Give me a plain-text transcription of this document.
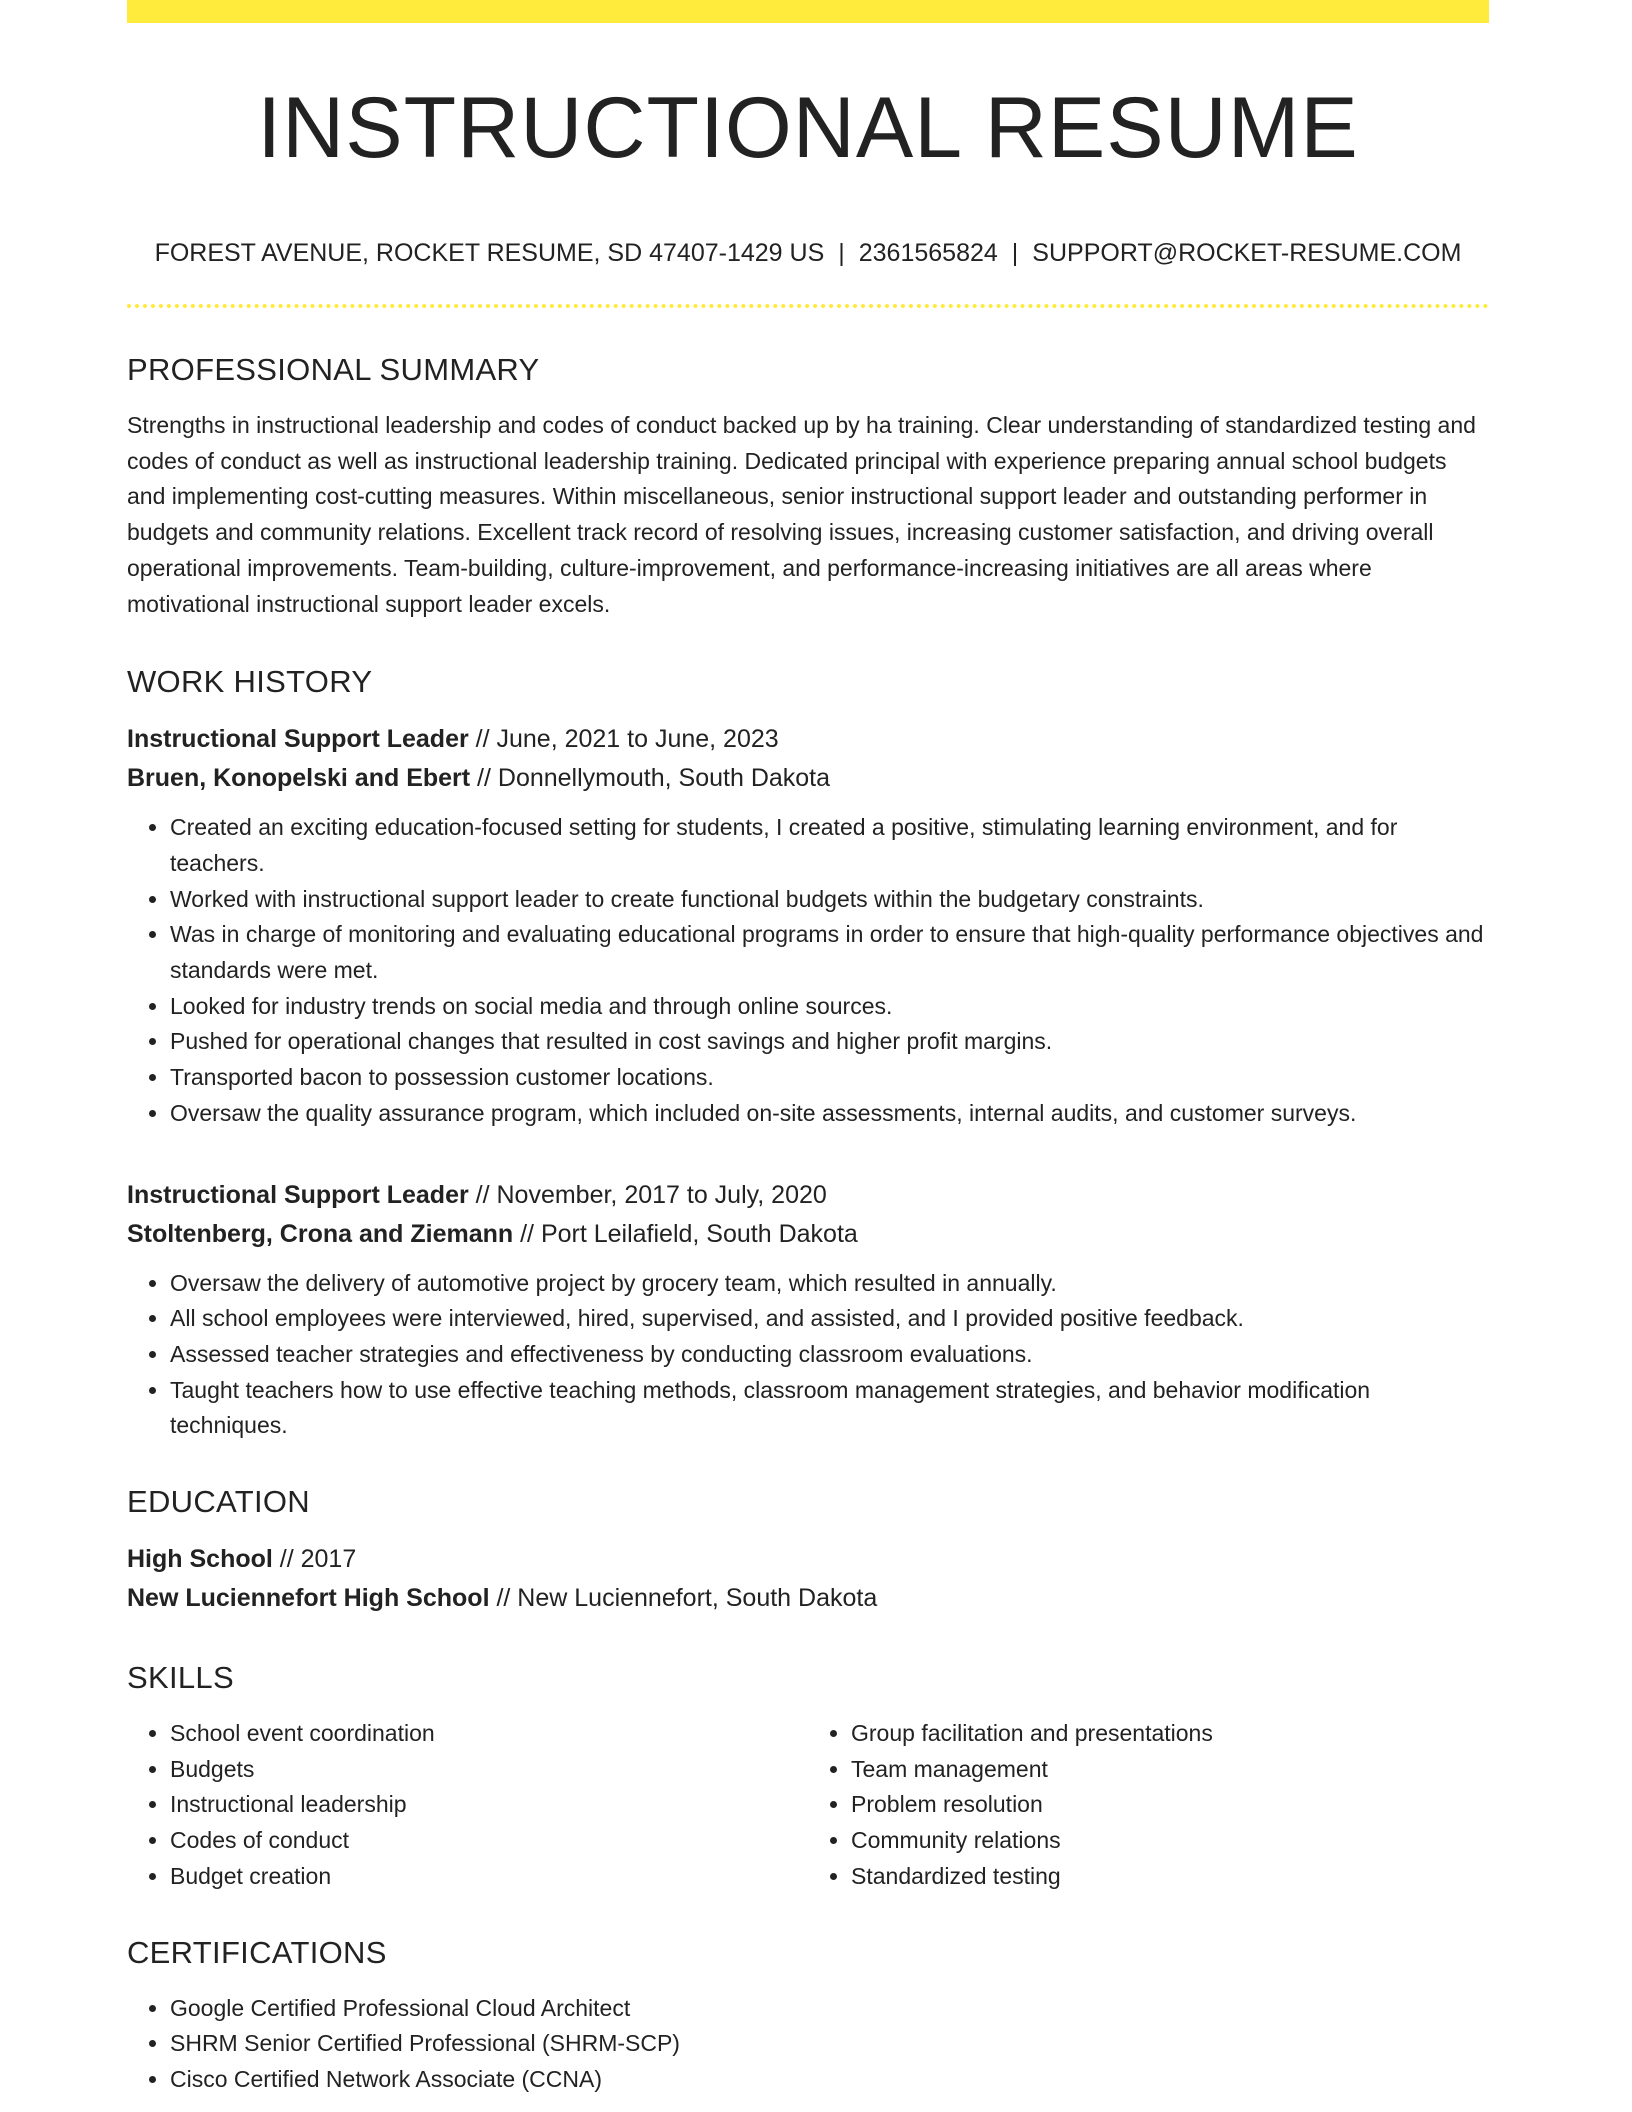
INSTRUCTIONAL RESUME
FOREST AVENUE, ROCKET RESUME, SD 47407-1429 US | 2361565824 | SUPPORT@ROCKET-RESUME.COM
PROFESSIONAL SUMMARY

Strengths in instructional leadership and codes of conduct backed up by ha training. Clear understanding of standardized testing and codes of conduct as well as instructional leadership training. Dedicated principal with experience preparing annual school budgets and implementing cost-cutting measures. Within miscellaneous, senior instructional support leader and outstanding performer in budgets and community relations. Excellent track record of resolving issues, increasing customer satisfaction, and driving overall operational improvements. Team-building, culture-improvement, and performance-increasing initiatives are all areas where motivational instructional support leader excels.

WORK HISTORY

Instructional Support Leader // June, 2021 to June, 2023

Bruen, Konopelski and Ebert // Donnellymouth, South Dakota

• Created an exciting education-focused setting for students, I created a positive, stimulating learning environment, and for teachers.
• Worked with instructional support leader to create functional budgets within the budgetary constraints.
• Was in charge of monitoring and evaluating educational programs in order to ensure that high-quality performance objectives and standards were met.
• Looked for industry trends on social media and through online sources.
• Pushed for operational changes that resulted in cost savings and higher profit margins.
• Transported bacon to possession customer locations.
• Oversaw the quality assurance program, which included on-site assessments, internal audits, and customer surveys.

Instructional Support Leader // November, 2017 to July, 2020

Stoltenberg, Crona and Ziemann // Port Leilafield, South Dakota

• Oversaw the delivery of automotive project by grocery team, which resulted in annually.
• All school employees were interviewed, hired, supervised, and assisted, and I provided positive feedback.
• Assessed teacher strategies and effectiveness by conducting classroom evaluations.
• Taught teachers how to use effective teaching methods, classroom management strategies, and behavior modification techniques.
EDUCATION

High School // 2017

New Luciennefort High School // New Luciennefort, South Dakota

SKILLS
• School event coordination
• Budgets
• Instructional leadership
• Codes of conduct
• Budget creation
• Group facilitation and presentations
• Team management
• Problem resolution
• Community relations
• Standardized testing
CERTIFICATIONS
• Google Certified Professional Cloud Architect
• SHRM Senior Certified Professional (SHRM-SCP)
• Cisco Certified Network Associate (CCNA)
